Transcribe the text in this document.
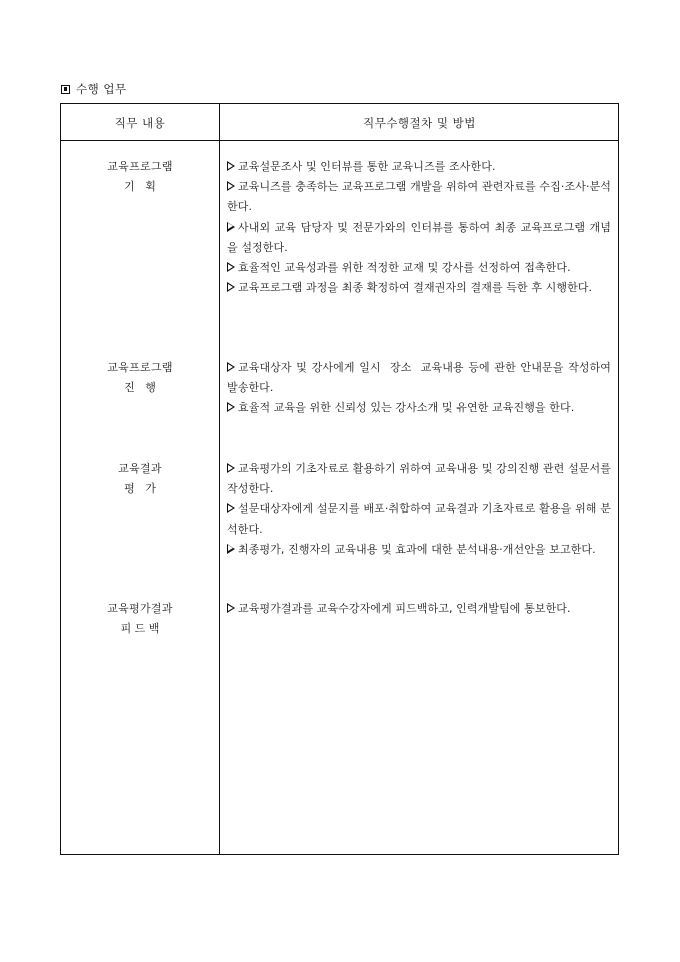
수행 업무
직무 내용	직무수행절차 및 방법
교육프로그램
기   획

교육설문조사 및 인터뷰를 통한 교육니즈를 조사한다.

교육니즈를 충족하는 교육프로그램 개발을 위하여 관련자료를 수집·조사·분석한다.

사내외 교육 담당자 및 전문가와의 인터뷰를 통하여 최종 교육프로그램 개념을 설정한다.

효율적인 교육성과를 위한 적정한 교재 및 강사를 선정하여 접촉한다.

교육프로그램 과정을 최종 확정하여 결재권자의 결재를 득한 후 시행한다.

교육프로그램
진   행

교육대상자 및 강사에게 일시  장소  교육내용 등에 관한 안내문을 작성하여 발송한다.

효율적 교육을 위한 신뢰성 있는 강사소개 및 유연한 교육진행을 한다.

교육결과
평   가

교육평가의 기초자료로 활용하기 위하여 교육내용 및 강의진행 관련 설문서를 작성한다.

설문대상자에게 설문지를 배포·취합하여 교육결과 기초자료로 활용을 위해 분석한다.

최종평가, 진행자의 교육내용 및 효과에 대한 분석내용·개선안을 보고한다.

교육평가결과
피 드 백

교육평가결과를 교육수강자에게 피드백하고, 인력개발팀에 통보한다.
